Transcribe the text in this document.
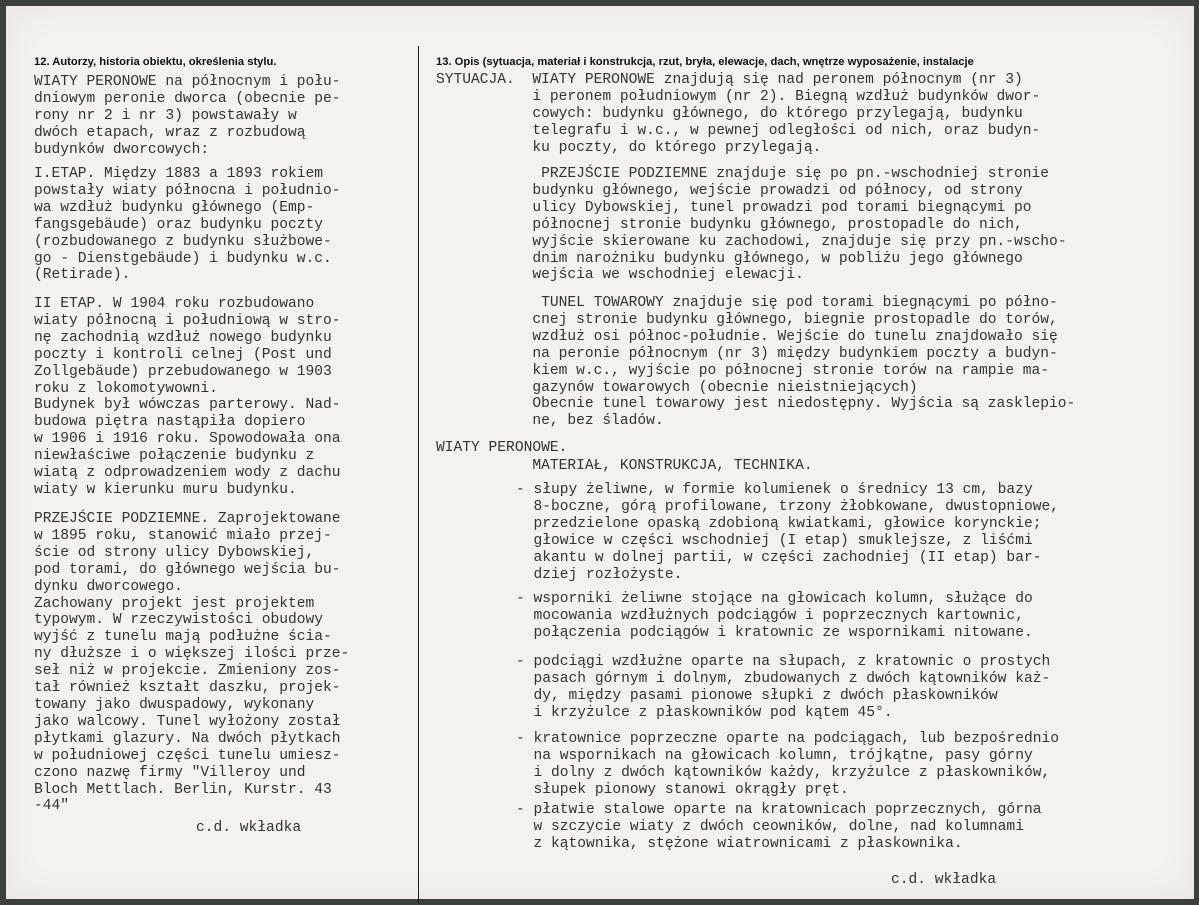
12. Autorzy, historia obiektu, określenia stylu.	13. Opis (sytuacja, materiał i konstrukcja, rzut, bryła, elewacje, dach, wnętrze wyposażenie, instalacje
WIATY PERONOWE na północnym i połu-
dniowym peronie dworca (obecnie pe-
rony nr 2 i nr 3) powstawały w
dwóch etapach, wraz z rozbudową
budynków dworcowych:
I.ETAP. Między 1883 a 1893 rokiem
powstały wiaty północna i południo-
wa wzdłuż budynku głównego (Emp-
fangsgebäude) oraz budynku poczty
(rozbudowanego z budynku służbowe-
go - Dienstgebäude) i budynku w.c.
(Retirade).
II ETAP. W 1904 roku rozbudowano
wiaty północną i południową w stro-
nę zachodnią wzdłuż nowego budynku
poczty i kontroli celnej (Post und
Zollgebäude) przebudowanego w 1903
roku z lokomotywowni.
Budynek był wówczas parterowy. Nad-
budowa piętra nastąpiła dopiero
w 1906 i 1916 roku. Spowodowała ona
niewłaściwe połączenie budynku z
wiatą z odprowadzeniem wody z dachu
wiaty w kierunku muru budynku.
PRZEJŚCIE PODZIEMNE. Zaprojektowane
w 1895 roku, stanowić miało przej-
ście od strony ulicy Dybowskiej,
pod torami, do głównego wejścia bu-
dynku dworcowego.
Zachowany projekt jest projektem
typowym. W rzeczywistości obudowy
wyjść z tunelu mają podłużne ścia-
ny dłuższe i o większej ilości prze-
seł niż w projekcie. Zmieniony zos-
tał również kształt daszku, projek-
towany jako dwuspadowy, wykonany
jako walcowy. Tunel wyłożony został
płytkami glazury. Na dwóch płytkach
w południowej części tunelu umiesz-
czono nazwę firmy "Villeroy und
Bloch Mettlach. Berlin, Kurstr. 43
-44"
c.d. wkładka
SYTUACJA.  WIATY PERONOWE znajdują się nad peronem północnym (nr 3)
i peronem południowym (nr 2). Biegną wzdłuż budynków dwor-
cowych: budynku głównego, do którego przylegają, budynku
telegrafu i w.c., w pewnej odległości od nich, oraz budyn-
ku poczty, do którego przylegają.
PRZEJŚCIE PODZIEMNE znajduje się po pn.-wschodniej stronie
budynku głównego, wejście prowadzi od północy, od strony
ulicy Dybowskiej, tunel prowadzi pod torami biegnącymi po
północnej stronie budynku głównego, prostopadle do nich,
wyjście skierowane ku zachodowi, znajduje się przy pn.-wscho-
dnim narożniku budynku głównego, w pobliżu jego głównego
wejścia we wschodniej elewacji.
TUNEL TOWAROWY znajduje się pod torami biegnącymi po półno-
cnej stronie budynku głównego, biegnie prostopadle do torów,
wzdłuż osi północ-południe. Wejście do tunelu znajdowało się
na peronie północnym (nr 3) między budynkiem poczty a budyn-
kiem w.c., wyjście po północnej stronie torów na rampie ma-
gazynów towarowych (obecnie nieistniejących)
Obecnie tunel towarowy jest niedostępny. Wyjścia są zasklepio-
ne, bez śladów.
WIATY PERONOWE.
MATERIAŁ, KONSTRUKCJA, TECHNIKA.
- słupy żeliwne, w formie kolumienek o średnicy 13 cm, bazy
8-boczne, górą profilowane, trzony żłobkowane, dwustopniowe,
przedzielone opaską zdobioną kwiatkami, głowice korynckie;
głowice w części wschodniej (I etap) smuklejsze, z liśćmi
akantu w dolnej partii, w części zachodniej (II etap) bar-
dziej rozłożyste.
- wsporniki żeliwne stojące na głowicach kolumn, służące do
mocowania wzdłużnych podciągów i poprzecznych kartownic,
połączenia podciągów i kratownic ze wspornikami nitowane.
- podciągi wzdłużne oparte na słupach, z kratownic o prostych
pasach górnym i dolnym, zbudowanych z dwóch kątowników każ-
dy, między pasami pionowe słupki z dwóch płaskowników
i krzyżulce z płaskowników pod kątem 45°.
- kratownice poprzeczne oparte na podciągach, lub bezpośrednio
na wspornikach na głowicach kolumn, trójkątne, pasy górny
i dolny z dwóch kątowników każdy, krzyżulce z płaskowników,
słupek pionowy stanowi okrągły pręt.
- płatwie stalowe oparte na kratownicach poprzecznych, górna
w szczycie wiaty z dwóch ceowników, dolne, nad kolumnami
z kątownika, stężone wiatrownicami z płaskownika.
c.d. wkładka
